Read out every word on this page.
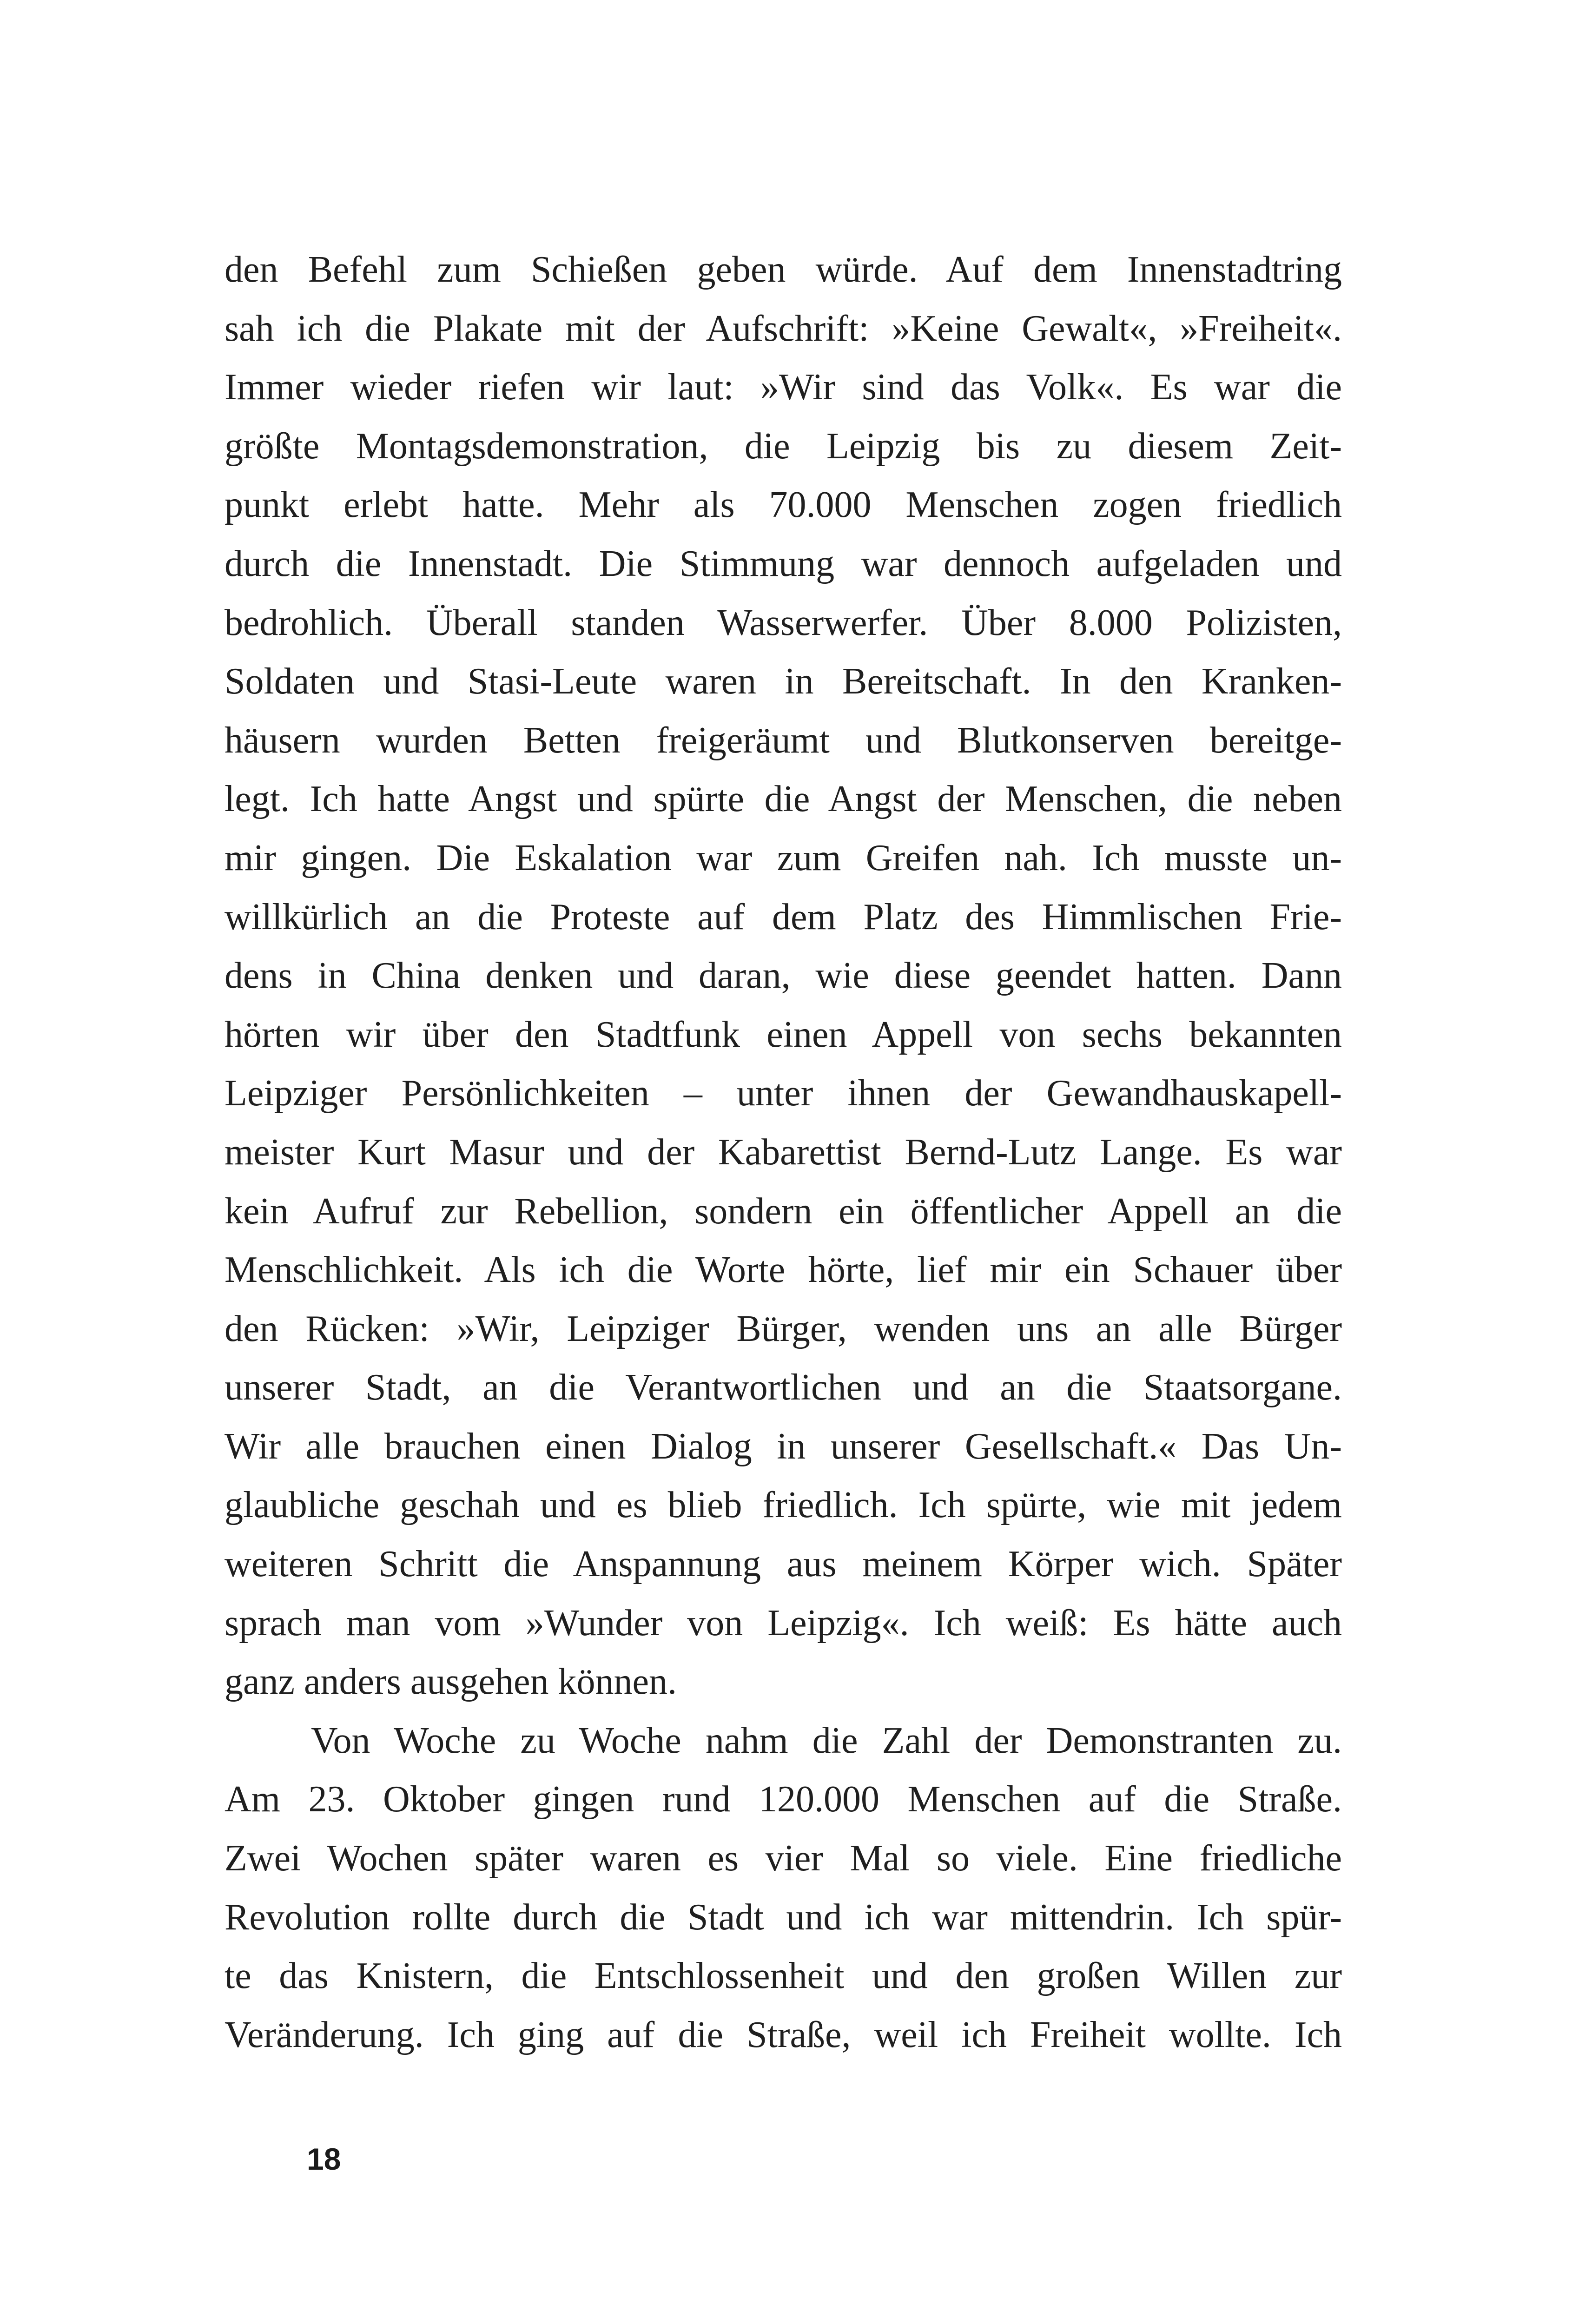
den Befehl zum Schießen geben würde. Auf dem Innenstadtring
sah ich die Plakate mit der Aufschrift: »Keine Gewalt«, »Freiheit«.
Immer wieder riefen wir laut: »Wir sind das Volk«. Es war die
größte Montagsdemonstration, die Leipzig bis zu diesem Zeit-
punkt erlebt hatte. Mehr als 70.000 Menschen zogen friedlich
durch die Innenstadt. Die Stimmung war dennoch aufgeladen und
bedrohlich. Überall standen Wasserwerfer. Über 8.000 Polizisten,
Soldaten und Stasi-Leute waren in Bereitschaft. In den Kranken-
häusern wurden Betten freigeräumt und Blutkonserven bereitge-
legt. Ich hatte Angst und spürte die Angst der Menschen, die neben
mir gingen. Die Eskalation war zum Greifen nah. Ich musste un-
willkürlich an die Proteste auf dem Platz des Himmlischen Frie-
dens in China denken und daran, wie diese geendet hatten. Dann
hörten wir über den Stadtfunk einen Appell von sechs bekannten
Leipziger Persönlichkeiten – unter ihnen der Gewandhauskapell-
meister Kurt Masur und der Kabarettist Bernd-Lutz Lange. Es war
kein Aufruf zur Rebellion, sondern ein öffentlicher Appell an die
Menschlichkeit. Als ich die Worte hörte, lief mir ein Schauer über
den Rücken: »Wir, Leipziger Bürger, wenden uns an alle Bürger
unserer Stadt, an die Verantwortlichen und an die Staatsorgane.
Wir alle brauchen einen Dialog in unserer Gesellschaft.« Das Un-
glaubliche geschah und es blieb friedlich. Ich spürte, wie mit jedem
weiteren Schritt die Anspannung aus meinem Körper wich. Später
sprach man vom »Wunder von Leipzig«. Ich weiß: Es hätte auch
ganz anders ausgehen können.
Von Woche zu Woche nahm die Zahl der Demonstranten zu.
Am 23. Oktober gingen rund 120.000 Menschen auf die Straße.
Zwei Wochen später waren es vier Mal so viele. Eine friedliche
Revolution rollte durch die Stadt und ich war mittendrin. Ich spür-
te das Knistern, die Entschlossenheit und den großen Willen zur
Veränderung. Ich ging auf die Straße, weil ich Freiheit wollte. Ich
18
